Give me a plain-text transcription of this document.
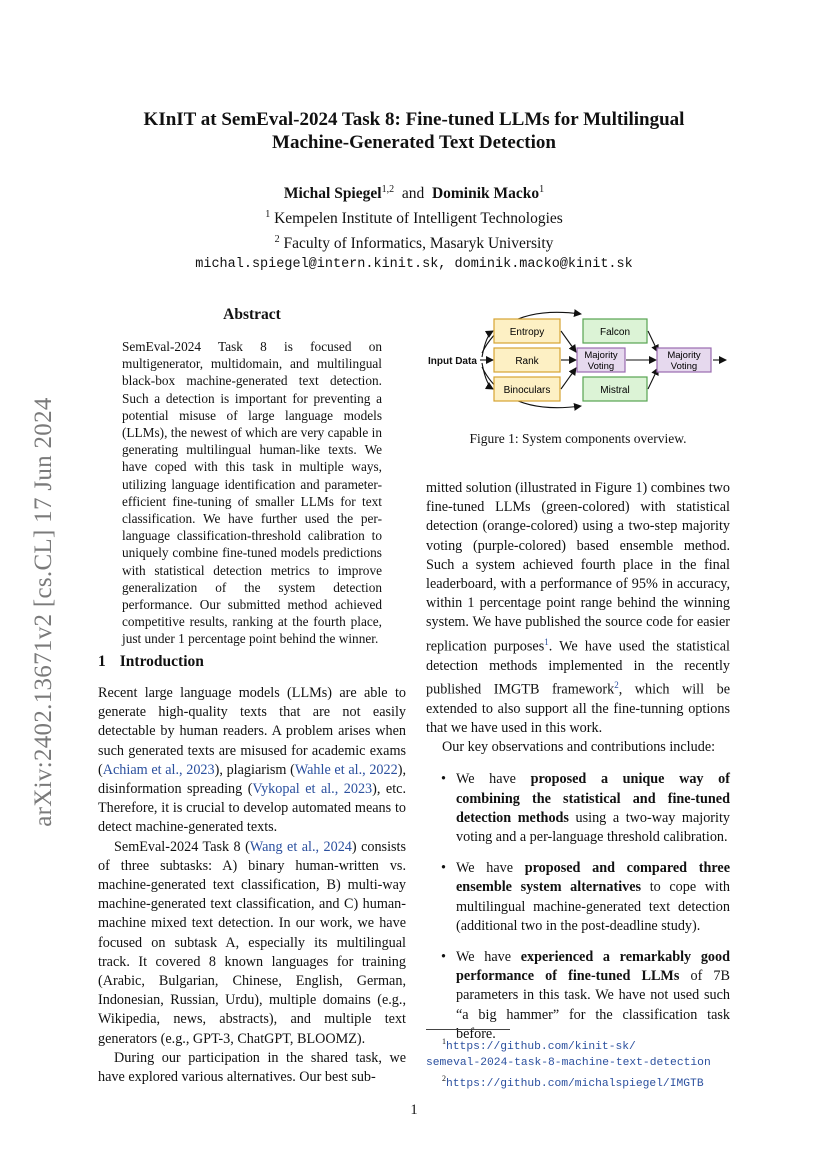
arXiv:2402.13671v2 [cs.CL] 17 Jun 2024
KInIT at SemEval-2024 Task 8: Fine-tuned LLMs for Multilingual
Machine-Generated Text Detection
Michal Spiegel$^{1,2}$ and Dominik Macko$^1$
$^1$ Kempelen Institute of Intelligent Technologies
$^2$ Faculty of Informatics, Masaryk University
michal.spiegel@intern.kinit.sk, dominik.macko@kinit.sk
Abstract
SemEval-2024 Task 8 is focused on multigenerator, multidomain, and multilingual black-box machine-generated text detection. Such a detection is important for preventing a potential misuse of large language models (LLMs), the newest of which are very capable in generating multilingual human-like texts. We have coped with this task in multiple ways, utilizing language identification and parameter-efficient fine-tuning of smaller LLMs for text classification. We have further used the per-language classification-threshold calibration to uniquely combine fine-tuned models predictions with statistical detection metrics to improve generalization of the system detection performance. Our submitted method achieved competitive results, ranking at the fourth place, just under 1 percentage point behind the winner.
1 Introduction

Recent large language models (LLMs) are able to generate high-quality texts that are not easily detectable by human readers. A problem arises when such generated texts are misused for academic exams (Achiam et al., 2023), plagiarism (Wahle et al., 2022), disinformation spreading (Vykopal et al., 2023), etc. Therefore, it is crucial to develop automated means to detect machine-generated texts.

SemEval-2024 Task 8 (Wang et al., 2024) consists of three subtasks: A) binary human-written vs. machine-generated text classification, B) multi-way machine-generated text classification, and C) human-machine mixed text detection. In our work, we have focused on subtask A, especially its multilingual track. It covered 8 known languages for training (Arabic, Bulgarian, Chinese, English, German, Indonesian, Russian, Urdu), multiple domains (e.g., Wikipedia, news, abstracts), and multiple text generators (e.g., GPT-3, ChatGPT, BLOOMZ).

During our participation in the shared task, we have explored various alternatives. Our best sub-

Input Data
Entropy
Rank
Binoculars
Falcon
Mistral
Majority
Voting
Majority
Voting
Figure 1: System components overview.

mitted solution (illustrated in Figure 1) combines two fine-tuned LLMs (green-colored) with statistical detection (orange-colored) using a two-step majority voting (purple-colored) based ensemble method. Such a system achieved fourth place in the final leaderboard, with a performance of 95% in accuracy, within 1 percentage point range behind the winning system. We have published the source code for easier replication purposes$^1$. We have used the statistical detection methods implemented in the recently published IMGTB framework$^2$, which will be extended to also support all the fine-tunning options that we have used in this work.

Our key observations and contributions include:

• We have proposed a unique way of combining the statistical and fine-tuned detection methods using a two-way majority voting and a per-language threshold calibration.
• We have proposed and compared three ensemble system alternatives to cope with multilingual machine-generated text detection (additional two in the post-deadline study).
• We have experienced a remarkably good performance of fine-tuned LLMs of 7B parameters in this task. We have not used such “a big hammer” for the classification task before.
$^1$https://github.com/kinit-sk/
semeval-2024-task-8-machine-text-detection
$^2$https://github.com/michalspiegel/IMGTB
1
